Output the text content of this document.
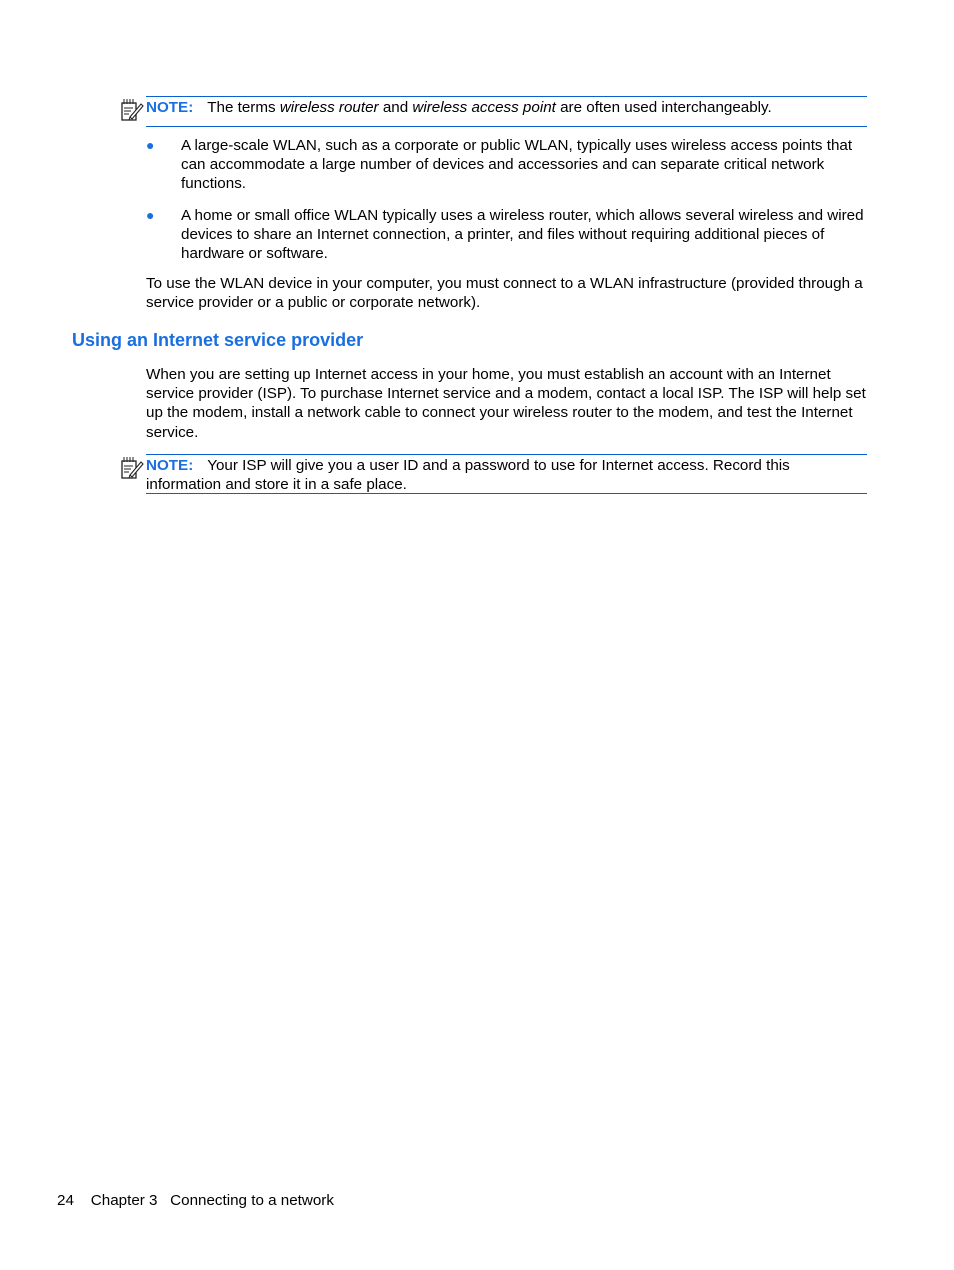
NOTE: The terms wireless router and wireless access point are often used interchangeably.
● A large-scale WLAN, such as a corporate or public WLAN, typically uses wireless access points that can accommodate a large number of devices and accessories and can separate critical network functions.
● A home or small office WLAN typically uses a wireless router, which allows several wireless and wired devices to share an Internet connection, a printer, and files without requiring additional pieces of hardware or software.

To use the WLAN device in your computer, you must connect to a WLAN infrastructure (provided through a service provider or a public or corporate network).

Using an Internet service provider

When you are setting up Internet access in your home, you must establish an account with an Internet service provider (ISP). To purchase Internet service and a modem, contact a local ISP. The ISP will help set up the modem, install a network cable to connect your wireless router to the modem, and test the Internet service.

NOTE: Your ISP will give you a user ID and a password to use for Internet access. Record this information and store it in a safe place.
24 Chapter 3 Connecting to a network
